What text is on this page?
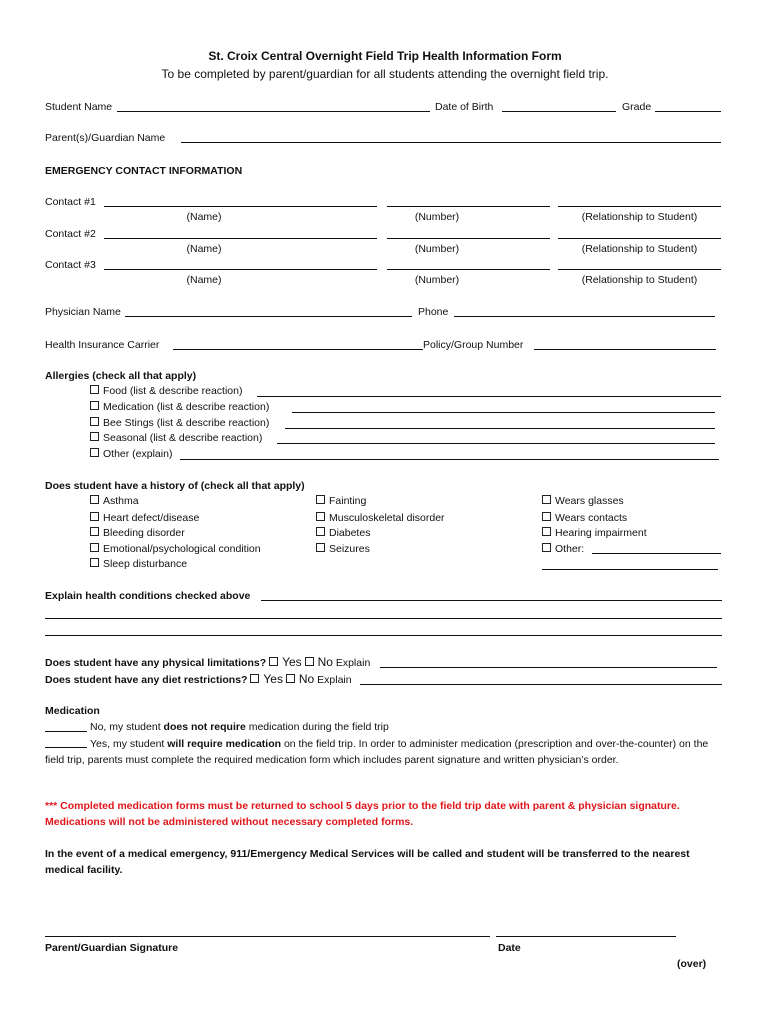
St. Croix Central Overnight Field Trip Health Information Form
To be completed by parent/guardian for all students attending the overnight field trip.
Student Name	Date of Birth	Grade
Parent(s)/Guardian Name
EMERGENCY CONTACT INFORMATION
Contact #1
(Name)	(Number)	(Relationship to Student)
Contact #2
(Name)	(Number)	(Relationship to Student)
Contact #3
(Name)	(Number)	(Relationship to Student)
Physician Name	Phone
Health Insurance Carrier	Policy/Group Number
Allergies (check all that apply)
Food (list & describe reaction)
Medication (list & describe reaction)
Bee Stings (list & describe reaction)
Seasonal (list & describe reaction)
Other (explain)
Does student have a history of (check all that apply)
Asthma
Heart defect/disease
Bleeding disorder
Emotional/psychological condition
Sleep disturbance
Fainting
Musculoskeletal disorder
Diabetes
Seizures
Wears glasses
Wears contacts
Hearing impairment
Other:
Explain health conditions checked above
Does student have any physical limitations? Yes No Explain
Does student have any diet restrictions? Yes No Explain
Medication
No, my student does not require medication during the field trip
Yes, my student will require medication on the field trip. In order to administer medication (prescription and over-the-counter) on the field trip, parents must complete the required medication form which includes parent signature and written physician’s order.
*** Completed medication forms must be returned to school 5 days prior to the field trip date with parent & physician signature. Medications will not be administered without necessary completed forms.
In the event of a medical emergency, 911/Emergency Medical Services will be called and student will be transferred to the nearest medical facility.
Parent/Guardian Signature	Date
(over)
